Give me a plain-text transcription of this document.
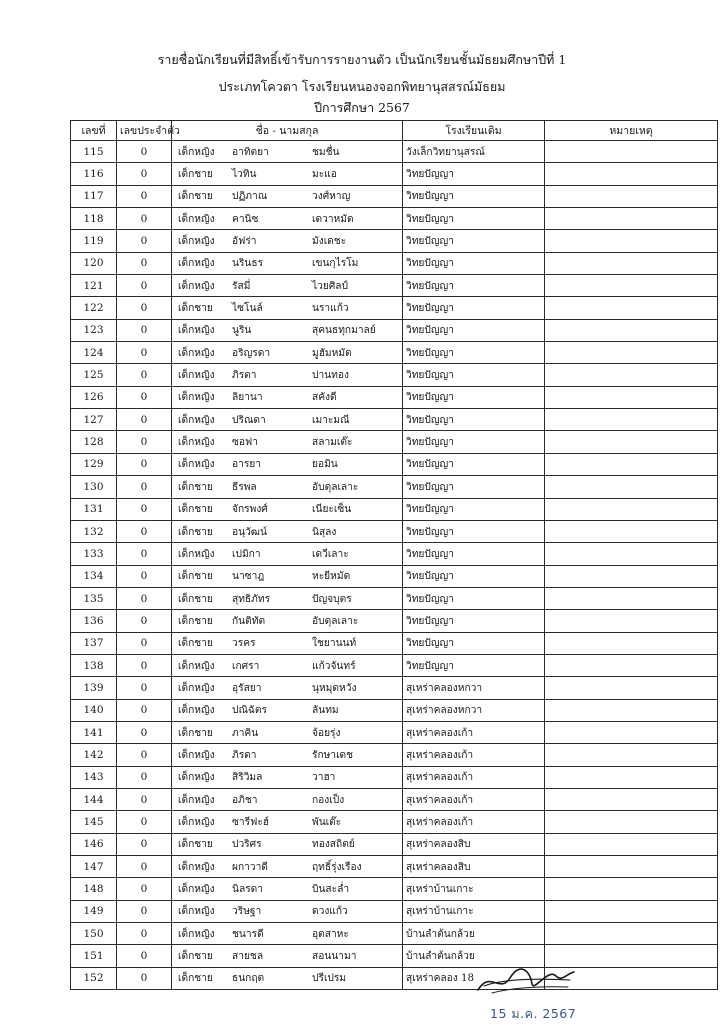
รายชื่อนักเรียนที่มีสิทธิ์เข้ารับการรายงานตัว เป็นนักเรียนชั้นมัธยมศึกษาปีที่ 1
ประเภทโควตา โรงเรียนหนองจอกพิทยานุสสรณ์มัธยม
ปีการศึกษา 2567
เลขที่	เลขประจำตัว	ชื่อ - นามสกุล	โรงเรียนเดิม	หมายเหตุ
115	0	เด็กหญิง อาทิตยา ชมชื่น	วังเล็กวิทยานุสรณ์	
116	0	เด็กชาย ไวทิน มะแอ	วิทยปัญญา	
117	0	เด็กชาย ปฏิภาณ วงศ์หาญ	วิทยปัญญา	
118	0	เด็กหญิง คานิซ เดวาหมัด	วิทยปัญญา	
119	0	เด็กหญิง อัฟร่า มังเดชะ	วิทยปัญญา	
120	0	เด็กหญิง นรินธร เขนกุไรโม	วิทยปัญญา	
121	0	เด็กหญิง รัสมี่ ไวยศิลป์	วิทยปัญญา	
122	0	เด็กชาย ไซโนล์ นราแก้ว	วิทยปัญญา	
123	0	เด็กหญิง นูริน สุคนธทุกมาลย์	วิทยปัญญา	
124	0	เด็กหญิง อริญรดา มูฮัมหมัด	วิทยปัญญา	
125	0	เด็กหญิง ภิรดา ปานทอง	วิทยปัญญา	
126	0	เด็กหญิง ลิยานา สคังดี	วิทยปัญญา	
127	0	เด็กหญิง ปริณดา เมาะมณี	วิทยปัญญา	
128	0	เด็กหญิง ซอฟา สลามเต๊ะ	วิทยปัญญา	
129	0	เด็กหญิง อารยา ยอมิน	วิทยปัญญา	
130	0	เด็กชาย ธีรพล อับดุลเลาะ	วิทยปัญญา	
131	0	เด็กชาย จักรพงศ์ เนียะเซ็น	วิทยปัญญา	
132	0	เด็กชาย อนุวัฒน์ นิสุลง	วิทยปัญญา	
133	0	เด็กหญิง เปมิกา เดวีเลาะ	วิทยปัญญา	
134	0	เด็กชาย นาซาฎ หะยีหมัด	วิทยปัญญา	
135	0	เด็กชาย สุทธิภัทร ปัญจบุตร	วิทยปัญญา	
136	0	เด็กชาย กันติทัต อับดุลเลาะ	วิทยปัญญา	
137	0	เด็กชาย วรคร ใชยานนท์	วิทยปัญญา	
138	0	เด็กหญิง เกศรา แก้วจันทร์	วิทยปัญญา	
139	0	เด็กหญิง อุรัสยา นุหมุดหวัง	สุเหร่าคลองหกวา	
140	0	เด็กหญิง ปณิฉัตร ลันทม	สุเหร่าคลองหกวา	
141	0	เด็กชาย ภาคิน จ้อยรุ่ง	สุเหร่าคลองเก้า	
142	0	เด็กหญิง ภิรดา รักษาเดช	สุเหร่าคลองเก้า	
143	0	เด็กหญิง สิริวิมล วาฮา	สุเหร่าคลองเก้า	
144	0	เด็กหญิง อภิชา กองเป็ง	สุเหร่าคลองเก้า	
145	0	เด็กหญิง ซารีฟะฮ์ พันเต๊ะ	สุเหร่าคลองเก้า	
146	0	เด็กชาย ปวริศร ทองสถิตย์	สุเหร่าคลองสิบ	
147	0	เด็กหญิง ผกาวาดี ฤทธิ์รุ่งเรือง	สุเหร่าคลองสิบ	
148	0	เด็กหญิง นิลรดา บินสะล่ำ	สุเหร่าบ้านเกาะ	
149	0	เด็กหญิง วริษฐา ดวงแก้ว	สุเหร่าบ้านเกาะ	
150	0	เด็กหญิง ชนารดี อุตสาหะ	บ้านลำต้นกล้วย	
151	0	เด็กชาย สายชล สอนนามา	บ้านลำต้นกล้วย	
152	0	เด็กชาย ธนกฤต ปรีเปรม	สุเหร่าคลอง 18	
15 ม.ค. 2567
